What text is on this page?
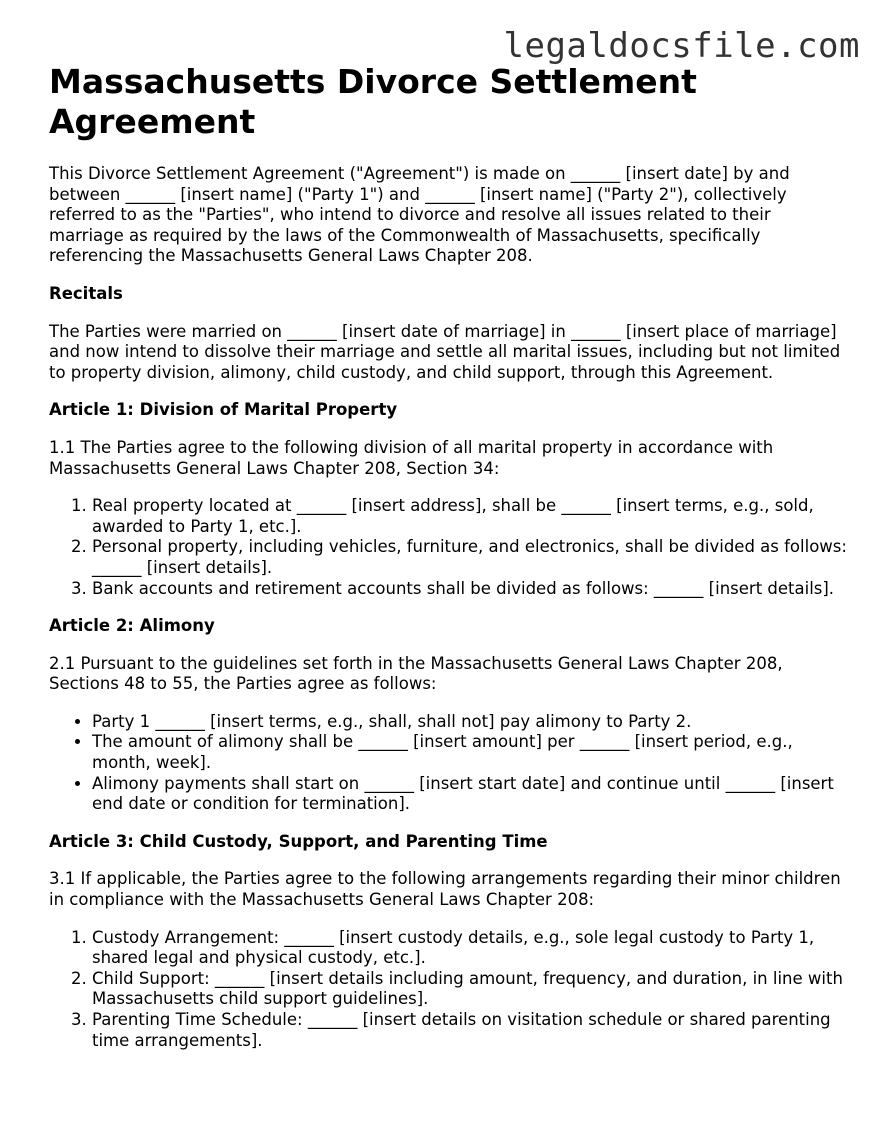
legaldocsfile.com
Massachusetts Divorce Settlement Agreement

This Divorce Settlement Agreement ("Agreement") is made on ______ [insert date] by and between ______ [insert name] ("Party 1") and ______ [insert name] ("Party 2"), collectively referred to as the "Parties", who intend to divorce and resolve all issues related to their marriage as required by the laws of the Commonwealth of Massachusetts, specifically referencing the Massachusetts General Laws Chapter 208.

Recitals

The Parties were married on ______ [insert date of marriage] in ______ [insert place of marriage] and now intend to dissolve their marriage and settle all marital issues, including but not limited to property division, alimony, child custody, and child support, through this Agreement.

Article 1: Division of Marital Property

1.1 The Parties agree to the following division of all marital property in accordance with Massachusetts General Laws Chapter 208, Section 34:

1. Real property located at ______ [insert address], shall be ______ [insert terms, e.g., sold, awarded to Party 1, etc.].
2. Personal property, including vehicles, furniture, and electronics, shall be divided as follows: ______ [insert details].
3. Bank accounts and retirement accounts shall be divided as follows: ______ [insert details].
Article 2: Alimony

2.1 Pursuant to the guidelines set forth in the Massachusetts General Laws Chapter 208, Sections 48 to 55, the Parties agree as follows:

• Party 1 ______ [insert terms, e.g., shall, shall not] pay alimony to Party 2.
• The amount of alimony shall be ______ [insert amount] per ______ [insert period, e.g., month, week].
• Alimony payments shall start on ______ [insert start date] and continue until ______ [insert end date or condition for termination].
Article 3: Child Custody, Support, and Parenting Time

3.1 If applicable, the Parties agree to the following arrangements regarding their minor children in compliance with the Massachusetts General Laws Chapter 208:

1. Custody Arrangement: ______ [insert custody details, e.g., sole legal custody to Party 1, shared legal and physical custody, etc.].
2. Child Support: ______ [insert details including amount, frequency, and duration, in line with Massachusetts child support guidelines].
3. Parenting Time Schedule: ______ [insert details on visitation schedule or shared parenting time arrangements].
